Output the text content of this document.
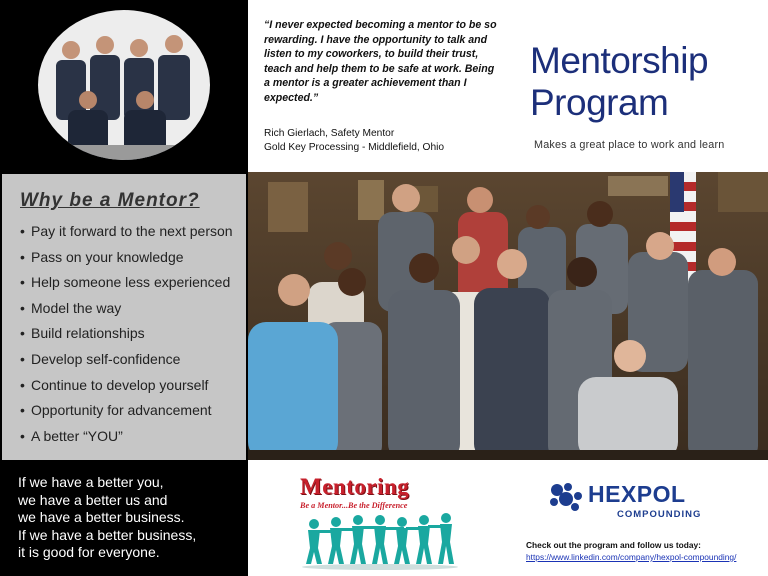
“I never expected becoming a mentor to be so rewarding. I have the opportunity to talk and listen to my coworkers, to build their trust, teach and help them to be safe at work. Being a mentor is a greater achievement than I expected.”

Rich Gierlach, Safety Mentor
Gold Key Processing - Middlefield, Ohio
Mentorship
Program
Makes a great place to work and learn
Why be a Mentor?
• Pay it forward to the next person
• Pass on your knowledge
• Help someone less experienced
• Model the way
• Build relationships
• Develop self-confidence
• Continue to develop yourself
• Opportunity for advancement
• A better “YOU”

If we have a better you,

we have a better us and

we have a better business.

If we have a better business,

it is good for everyone.

Mentoring
Be a Mentor...Be the Difference	HEXPOL
COMPOUNDING
Check out the program and follow us today:
https://www.linkedin.com/company/hexpol-compounding/
